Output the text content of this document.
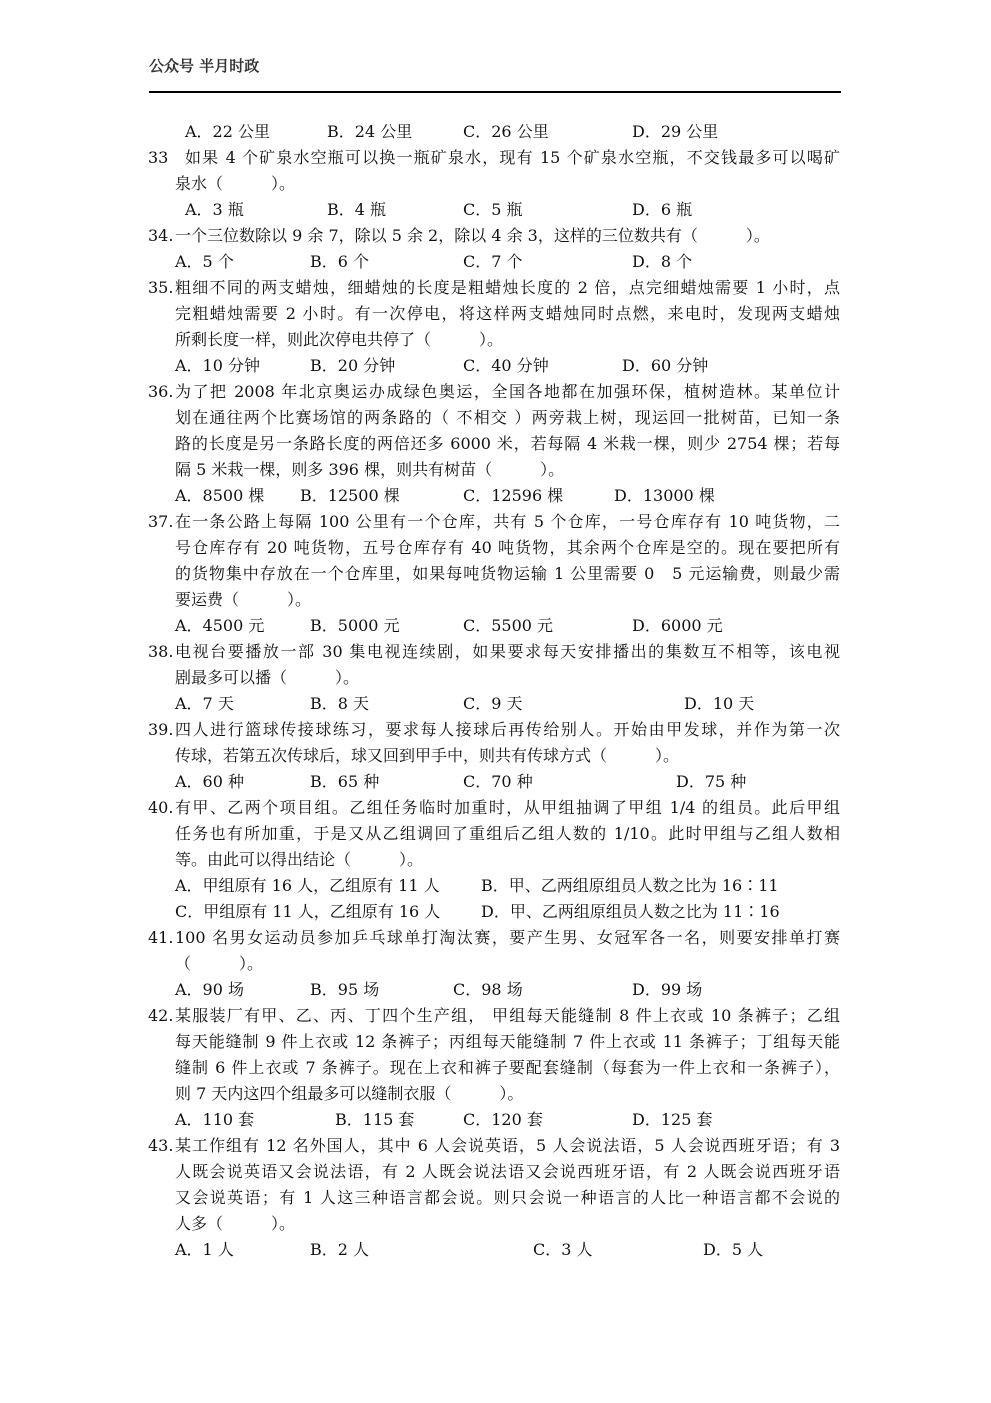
公众号 半月时政
A．22 公里	B．24 公里	C．26 公里	D．29 公里
33 如果 4 个矿泉水空瓶可以换一瓶矿泉水，现有 15 个矿泉水空瓶，不交钱最多可以喝矿
泉水（　　　）。
A．3 瓶	B．4 瓶	C．5 瓶	D．6 瓶
34. 一个三位数除以 9 余 7，除以 5 余 2，除以 4 余 3，这样的三位数共有（　　　）。
A．5 个	B．6 个	C．7 个	D．8 个
35. 粗细不同的两支蜡烛，细蜡烛的长度是粗蜡烛长度的 2 倍，点完细蜡烛需要 1 小时，点
完粗蜡烛需要 2 小时。有一次停电，将这样两支蜡烛同时点燃，来电时，发现两支蜡烛
所剩长度一样，则此次停电共停了（　　　）。
A．10 分钟	B．20 分钟	C．40 分钟	D．60 分钟
36. 为了把 2008 年北京奥运办成绿色奥运，全国各地都在加强环保，植树造林。某单位计
划在通往两个比赛场馆的两条路的（ 不相交 ）两旁栽上树，现运回一批树苗，已知一条
路的长度是另一条路长度的两倍还多 6000 米，若每隔 4 米栽一棵，则少 2754 棵；若每
隔 5 米栽一棵，则多 396 棵，则共有树苗（　　　）。
A．8500 棵 B．12500 棵	C．12596 棵	D．13000 棵
37. 在一条公路上每隔 100 公里有一个仓库，共有 5 个仓库，一号仓库存有 10 吨货物，二
号仓库存有 20 吨货物，五号仓库存有 40 吨货物，其余两个仓库是空的。现在要把所有
的货物集中存放在一个仓库里，如果每吨货物运输 1 公里需要 0　5 元运输费，则最少需
要运费（　　　）。
A．4500 元	B．5000 元	C．5500 元	D．6000 元
38. 电视台要播放一部 30 集电视连续剧，如果要求每天安排播出的集数互不相等，该电视
剧最多可以播（　　　）。
A．7 天	B．8 天	C．9 天	D．10 天
39. 四人进行篮球传接球练习，要求每人接球后再传给别人。开始由甲发球，并作为第一次
传球，若第五次传球后，球又回到甲手中，则共有传球方式（　　　）。
A．60 种	B．65 种	C．70 种	D．75 种
40. 有甲、乙两个项目组。乙组任务临时加重时，从甲组抽调了甲组 1/4 的组员。此后甲组
任务也有所加重，于是又从乙组调回了重组后乙组人数的 1/10。此时甲组与乙组人数相
等。由此可以得出结论（　　　）。
A．甲组原有 16 人，乙组原有 11 人	B．甲、乙两组原组员人数之比为 16∶11
C．甲组原有 11 人，乙组原有 16 人	D．甲、乙两组原组员人数之比为 11∶16
41. 100 名男女运动员参加乒乓球单打淘汰赛，要产生男、女冠军各一名，则要安排单打赛
（　　　）。
A．90 场	B．95 场	C．98 场	D．99 场
42. 某服装厂有甲、乙、丙、丁四个生产组， 甲组每天能缝制 8 件上衣或 10 条裤子；乙组
每天能缝制 9 件上衣或 12 条裤子；丙组每天能缝制 7 件上衣或 11 条裤子；丁组每天能
缝制 6 件上衣或 7 条裤子。现在上衣和裤子要配套缝制（每套为一件上衣和一条裤子），
则 7 天内这四个组最多可以缝制衣服（　　　）。
A．110 套	B．115 套	C．120 套	D．125 套
43. 某工作组有 12 名外国人，其中 6 人会说英语，5 人会说法语，5 人会说西班牙语；有 3
人既会说英语又会说法语，有 2 人既会说法语又会说西班牙语，有 2 人既会说西班牙语
又会说英语；有 1 人这三种语言都会说。则只会说一种语言的人比一种语言都不会说的
人多（　　　）。
A．1 人	B．2 人	C．3 人	D．5 人
